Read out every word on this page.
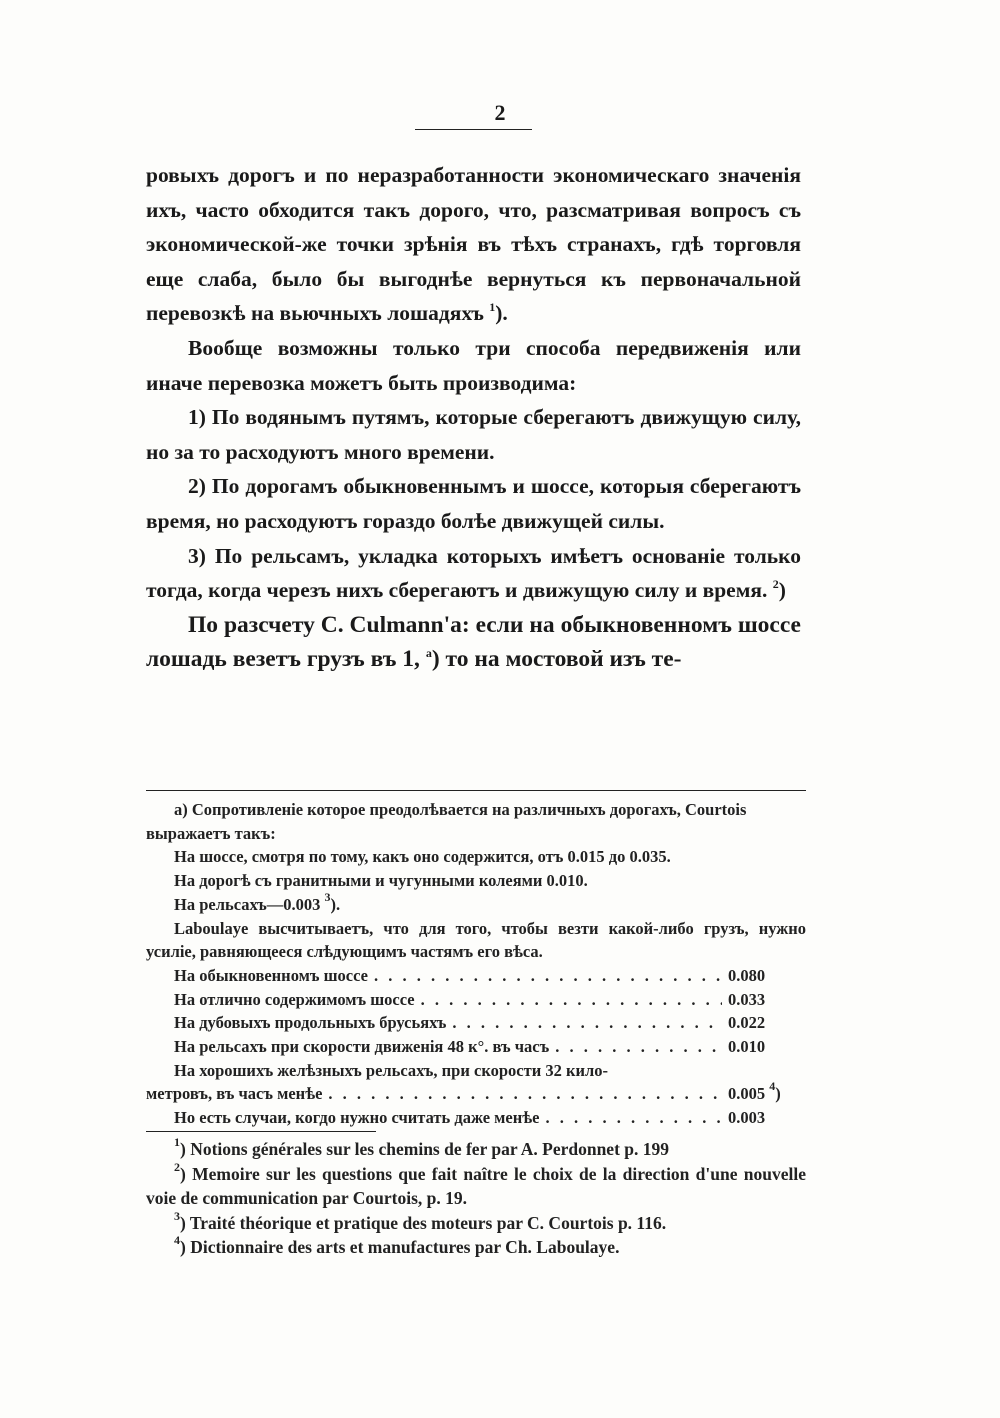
2

ровыхъ дорогъ и по неразработанности экономическаго значенія ихъ, часто обходится такъ дорого, что, разсматривая вопросъ съ экономической-же точки зрѣнія въ тѣхъ странахъ, гдѣ торговля еще слаба, было бы выгоднѣе вернуться къ первоначальной перевозкѣ на вьючныхъ лошадяхъ $^1$).

Вообще возможны только три способа передвиженія или иначе перевозка можетъ быть производима:

1) По водянымъ путямъ, которые сберегаютъ движущую силу, но за то расходуютъ много времени.

2) По дорогамъ обыкновеннымъ и шоссе, которыя сберегаютъ время, но расходуютъ гораздо болѣе движущей силы.

3) По рельсамъ, укладка которыхъ имѣетъ основаніе только тогда, когда черезъ нихъ сберегаютъ и движущую силу и время. $^2$)

По разсчету C. Culmann'a: если на обыкновенномъ шоссе лошадь везетъ грузъ въ 1, $^a$) то на мостовой изъ те-

a) Сопротивленіе которое преодолѣвается на различныхъ дорогахъ, Courtois выражаетъ такъ:

На шоссе, смотря по тому, какъ оно содержится, отъ 0.015 до 0.035.

На дорогѣ съ гранитными и чугунными колеями 0.010.

На рельсахъ—0.003 $^3$).

Laboulaye высчитываетъ, что для того, чтобы везти какой-либо грузъ, нужно усиліе, равняющееся слѣдующимъ частямъ его вѣса.

На обыкновенномъ шоссе . . .	0.080
На отлично содержимомъ шоссе . . .	0.033
На дубовыхъ продольныхъ брусьяхъ . . .	0.022
На рельсахъ при скорости движенія 48 к°. въ часъ . . .	0.010

На хорошихъ желѣзныхъ рельсахъ, при скорости 32 кило-

метровъ, въ часъ менѣе . . .	0.005 $^4$)
Но есть случаи, когдо нужно считать даже менѣе . . .	0.003

$^1$) Notions générales sur les chemins de fer par A. Perdonnet p. 199

$^2$) Memoire sur les questions que fait naître le choix de la direction d'une nouvelle voie de communication par Courtois, p. 19.

$^3$) Traité théorique et pratique des moteurs par C. Courtois p. 116.

$^4$) Dictionnaire des arts et manufactures par Ch. Laboulaye.
